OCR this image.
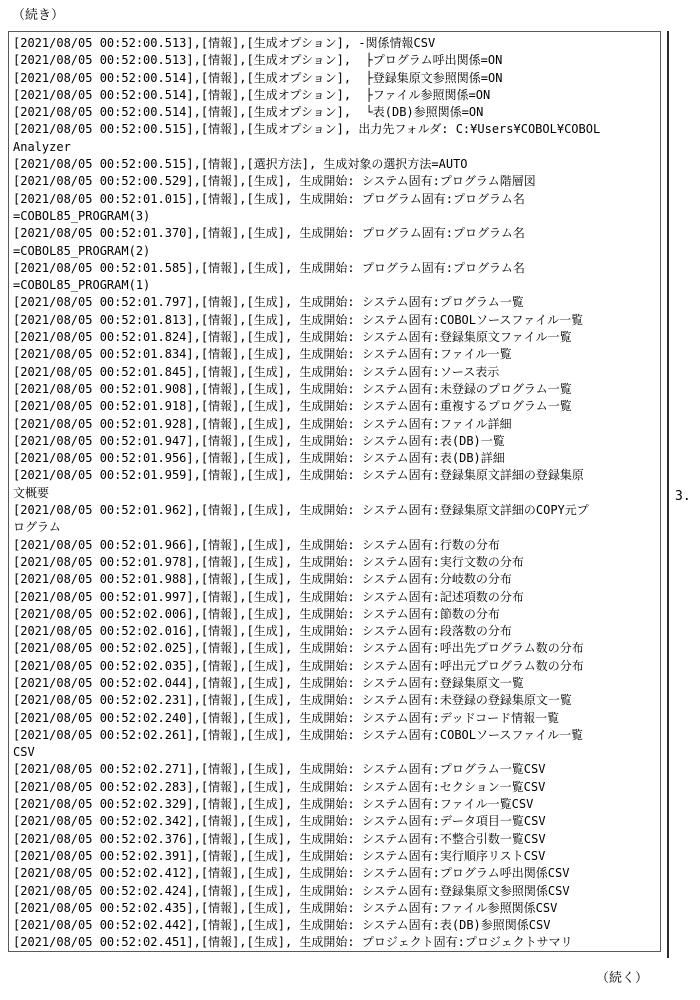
（続き）
[2021/08/05 00:52:00.513],[情報],[生成オプション], -関係情報CSV
[2021/08/05 00:52:00.513],[情報],[生成オプション],  ├プログラム呼出関係=ON
[2021/08/05 00:52:00.514],[情報],[生成オプション],  ├登録集原文参照関係=ON
[2021/08/05 00:52:00.514],[情報],[生成オプション],  ├ファイル参照関係=ON
[2021/08/05 00:52:00.514],[情報],[生成オプション],  └表(DB)参照関係=ON
[2021/08/05 00:52:00.515],[情報],[生成オプション], 出力先フォルダ: C:¥Users¥COBOL¥COBOL
Analyzer
[2021/08/05 00:52:00.515],[情報],[選択方法], 生成対象の選択方法=AUTO
[2021/08/05 00:52:00.529],[情報],[生成], 生成開始: システム固有:プログラム階層図
[2021/08/05 00:52:01.015],[情報],[生成], 生成開始: プログラム固有:プログラム名
=COBOL85_PROGRAM(3)
[2021/08/05 00:52:01.370],[情報],[生成], 生成開始: プログラム固有:プログラム名
=COBOL85_PROGRAM(2)
[2021/08/05 00:52:01.585],[情報],[生成], 生成開始: プログラム固有:プログラム名
=COBOL85_PROGRAM(1)
[2021/08/05 00:52:01.797],[情報],[生成], 生成開始: システム固有:プログラム一覧
[2021/08/05 00:52:01.813],[情報],[生成], 生成開始: システム固有:COBOLソースファイル一覧
[2021/08/05 00:52:01.824],[情報],[生成], 生成開始: システム固有:登録集原文ファイル一覧
[2021/08/05 00:52:01.834],[情報],[生成], 生成開始: システム固有:ファイル一覧
[2021/08/05 00:52:01.845],[情報],[生成], 生成開始: システム固有:ソース表示
[2021/08/05 00:52:01.908],[情報],[生成], 生成開始: システム固有:未登録のプログラム一覧
[2021/08/05 00:52:01.918],[情報],[生成], 生成開始: システム固有:重複するプログラム一覧
[2021/08/05 00:52:01.928],[情報],[生成], 生成開始: システム固有:ファイル詳細
[2021/08/05 00:52:01.947],[情報],[生成], 生成開始: システム固有:表(DB)一覧
[2021/08/05 00:52:01.956],[情報],[生成], 生成開始: システム固有:表(DB)詳細
[2021/08/05 00:52:01.959],[情報],[生成], 生成開始: システム固有:登録集原文詳細の登録集原
文概要
[2021/08/05 00:52:01.962],[情報],[生成], 生成開始: システム固有:登録集原文詳細のCOPY元プ
ログラム
[2021/08/05 00:52:01.966],[情報],[生成], 生成開始: システム固有:行数の分布
[2021/08/05 00:52:01.978],[情報],[生成], 生成開始: システム固有:実行文数の分布
[2021/08/05 00:52:01.988],[情報],[生成], 生成開始: システム固有:分岐数の分布
[2021/08/05 00:52:01.997],[情報],[生成], 生成開始: システム固有:記述項数の分布
[2021/08/05 00:52:02.006],[情報],[生成], 生成開始: システム固有:節数の分布
[2021/08/05 00:52:02.016],[情報],[生成], 生成開始: システム固有:段落数の分布
[2021/08/05 00:52:02.025],[情報],[生成], 生成開始: システム固有:呼出先プログラム数の分布
[2021/08/05 00:52:02.035],[情報],[生成], 生成開始: システム固有:呼出元プログラム数の分布
[2021/08/05 00:52:02.044],[情報],[生成], 生成開始: システム固有:登録集原文一覧
[2021/08/05 00:52:02.231],[情報],[生成], 生成開始: システム固有:未登録の登録集原文一覧
[2021/08/05 00:52:02.240],[情報],[生成], 生成開始: システム固有:デッドコード情報一覧
[2021/08/05 00:52:02.261],[情報],[生成], 生成開始: システム固有:COBOLソースファイル一覧
CSV
[2021/08/05 00:52:02.271],[情報],[生成], 生成開始: システム固有:プログラム一覧CSV
[2021/08/05 00:52:02.283],[情報],[生成], 生成開始: システム固有:セクション一覧CSV
[2021/08/05 00:52:02.329],[情報],[生成], 生成開始: システム固有:ファイル一覧CSV
[2021/08/05 00:52:02.342],[情報],[生成], 生成開始: システム固有:データ項目一覧CSV
[2021/08/05 00:52:02.376],[情報],[生成], 生成開始: システム固有:不整合引数一覧CSV
[2021/08/05 00:52:02.391],[情報],[生成], 生成開始: システム固有:実行順序リストCSV
[2021/08/05 00:52:02.412],[情報],[生成], 生成開始: システム固有:プログラム呼出関係CSV
[2021/08/05 00:52:02.424],[情報],[生成], 生成開始: システム固有:登録集原文参照関係CSV
[2021/08/05 00:52:02.435],[情報],[生成], 生成開始: システム固有:ファイル参照関係CSV
[2021/08/05 00:52:02.442],[情報],[生成], 生成開始: システム固有:表(DB)参照関係CSV
[2021/08/05 00:52:02.451],[情報],[生成], 生成開始: プロジェクト固有:プロジェクトサマリ
3.
（続く）
